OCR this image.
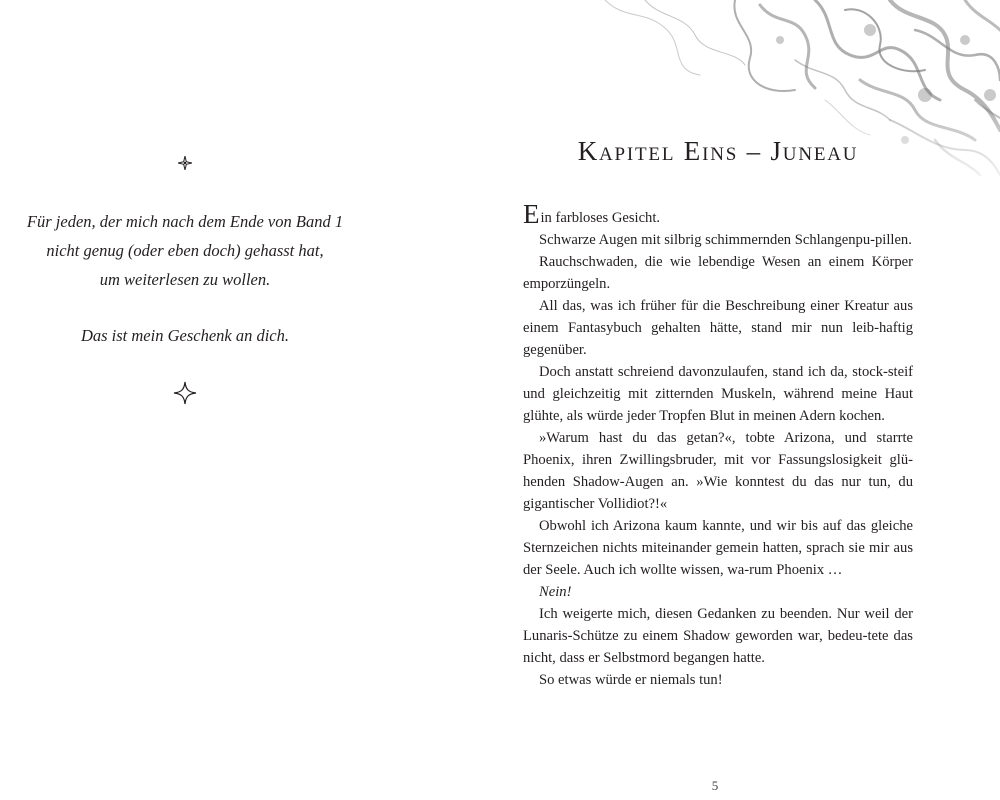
Für jeden, der mich nach dem Ende von Band 1
nicht genug (oder eben doch) gehasst hat,
um weiterlesen zu wollen.
Das ist mein Geschenk an dich.
Kapitel Eins – Juneau

Ein farbloses Gesicht.

Schwarze Augen mit silbrig schimmernden Schlangenpu-pillen.

Rauchschwaden, die wie lebendige Wesen an einem Körper emporzüngeln.

All das, was ich früher für die Beschreibung einer Kreatur aus einem Fantasybuch gehalten hätte, stand mir nun leib-haftig gegenüber.

Doch anstatt schreiend davonzulaufen, stand ich da, stock-steif und gleichzeitig mit zitternden Muskeln, während meine Haut glühte, als würde jeder Tropfen Blut in meinen Adern kochen.

»Warum hast du das getan?«, tobte Arizona, und starrte Phoenix, ihren Zwillingsbruder, mit vor Fassungslosigkeit glü-henden Shadow-Augen an. »Wie konntest du das nur tun, du gigantischer Vollidiot?!«

Obwohl ich Arizona kaum kannte, und wir bis auf das gleiche Sternzeichen nichts miteinander gemein hatten, sprach sie mir aus der Seele. Auch ich wollte wissen, wa-rum Phoenix …

Nein!

Ich weigerte mich, diesen Gedanken zu beenden. Nur weil der Lunaris-Schütze zu einem Shadow geworden war, bedeu-tete das nicht, dass er Selbstmord begangen hatte.

So etwas würde er niemals tun!

5
